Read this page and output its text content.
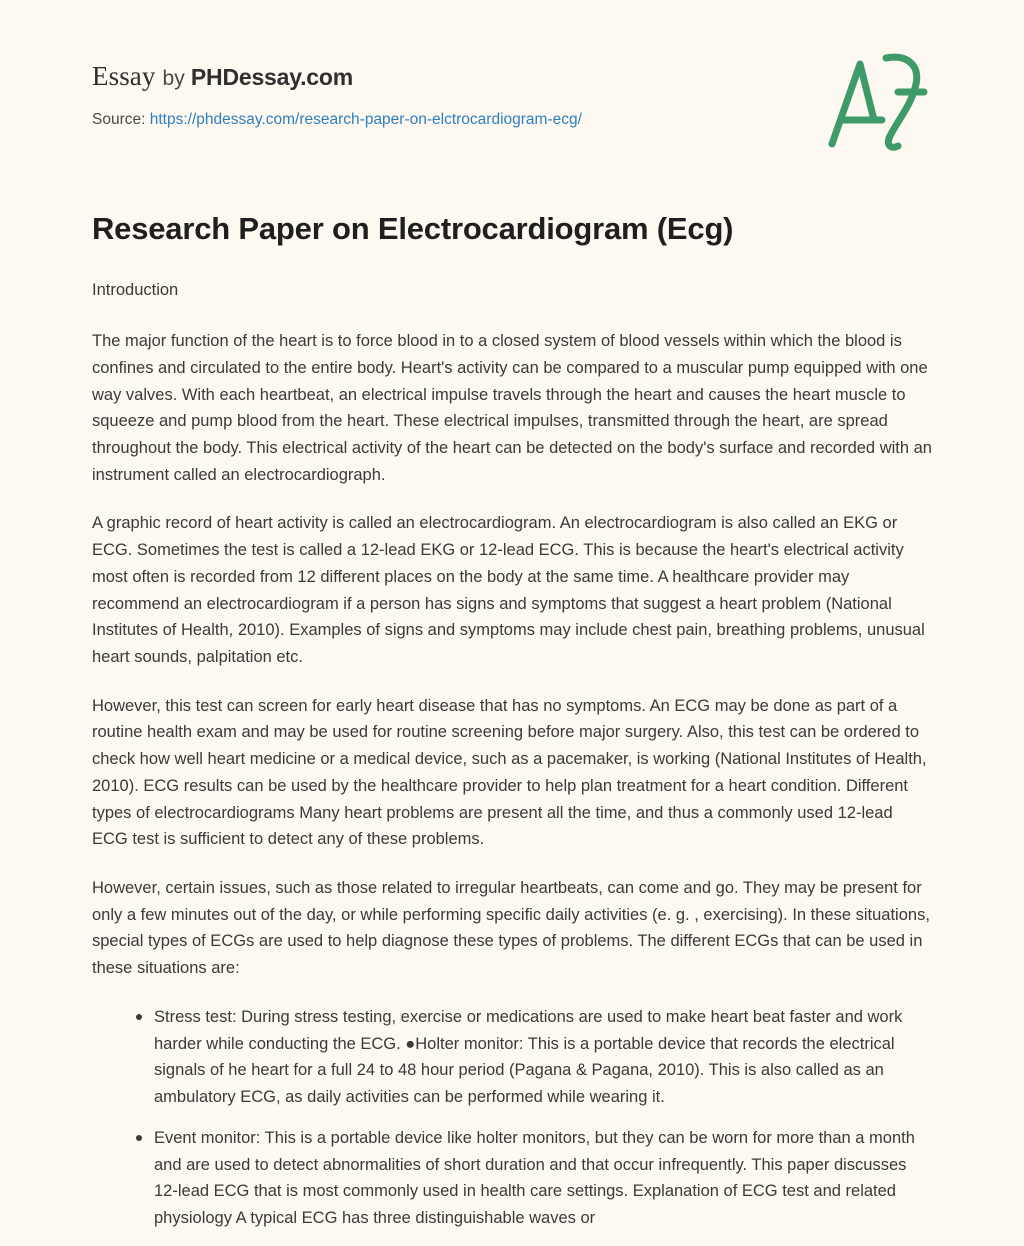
Essay by PHDessay.com
Source: https://phdessay.com/research-paper-on-elctrocardiogram-ecg/
Research Paper on Electrocardiogram (Ecg)

Introduction

The major function of the heart is to force blood in to a closed system of blood vessels within which the blood is confines and circulated to the entire body. Heart's activity can be compared to a muscular pump equipped with one way valves. With each heartbeat, an electrical impulse travels through the heart and causes the heart muscle to squeeze and pump blood from the heart. These electrical impulses, transmitted through the heart, are spread throughout the body. This electrical activity of the heart can be detected on the body's surface and recorded with an instrument called an electrocardiograph.

A graphic record of heart activity is called an electrocardiogram. An electrocardiogram is also called an EKG or ECG. Sometimes the test is called a 12-lead EKG or 12-lead ECG. This is because the heart's electrical activity most often is recorded from 12 different places on the body at the same time. A healthcare provider may recommend an electrocardiogram if a person has signs and symptoms that suggest a heart problem (National Institutes of Health, 2010). Examples of signs and symptoms may include chest pain, breathing problems, unusual heart sounds, palpitation etc.

However, this test can screen for early heart disease that has no symptoms. An ECG may be done as part of a routine health exam and may be used for routine screening before major surgery. Also, this test can be ordered to check how well heart medicine or a medical device, such as a pacemaker, is working (National Institutes of Health, 2010). ECG results can be used by the healthcare provider to help plan treatment for a heart condition. Different types of electrocardiograms Many heart problems are present all the time, and thus a commonly used 12-lead ECG test is sufficient to detect any of these problems.

However, certain issues, such as those related to irregular heartbeats, can come and go. They may be present for only a few minutes out of the day, or while performing specific daily activities (e. g. , exercising). In these situations, special types of ECGs are used to help diagnose these types of problems. The different ECGs that can be used in these situations are:

Stress test: During stress testing, exercise or medications are used to make heart beat faster and work harder while conducting the ECG. ●Holter monitor: This is a portable device that records the electrical signals of he heart for a full 24 to 48 hour period (Pagana & Pagana, 2010). This is also called as an ambulatory ECG, as daily activities can be performed while wearing it.
Event monitor: This is a portable device like holter monitors, but they can be worn for more than a month and are used to detect abnormalities of short duration and that occur infrequently. This paper discusses 12-lead ECG that is most commonly used in health care settings. Explanation of ECG test and related physiology A typical ECG has three distinguishable waves or
